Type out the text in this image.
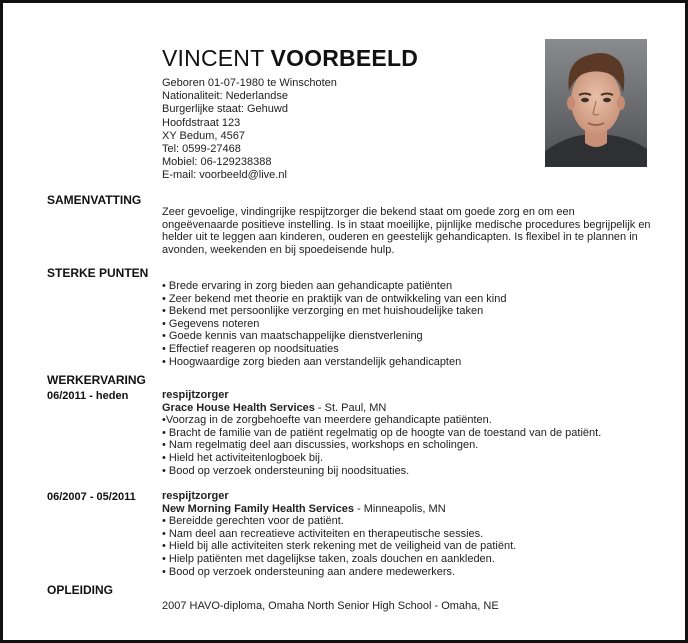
VINCENT VOORBEELD
Geboren 01-07-1980 te Winschoten
Nationaliteit: Nederlandse
Burgerlijke staat: Gehuwd
Hoofdstraat 123
XY Bedum, 4567
Tel: 0599-27468
Mobiel: 06-129238388
E-mail: voorbeeld@live.nl
SAMENVATTING
Zeer gevoelige, vindingrijke respijtzorger die bekend staat om goede zorg en om een ongeëvenaarde positieve instelling. Is in staat moeilijke, pijnlijke medische procedures begrijpelijk en helder uit te leggen aan kinderen, ouderen en geestelijk gehandicapten. Is flexibel in te plannen in avonden, weekenden en bij spoedeisende hulp.
STERKE PUNTEN
• Brede ervaring in zorg bieden aan gehandicapte patiënten
• Zeer bekend met theorie en praktijk van de ontwikkeling van een kind
• Bekend met persoonlijke verzorging en met huishoudelijke taken
• Gegevens noteren
• Goede kennis van maatschappelijke dienstverlening
• Effectief reageren op noodsituaties
• Hoogwaardige zorg bieden aan verstandelijk gehandicapten
WERKERVARING
06/2011 - heden	respijtzorger
Grace House Health Services - St. Paul, MN
•Voorzag in de zorgbehoefte van meerdere gehandicapte patiënten.
• Bracht de familie van de patiënt regelmatig op de hoogte van de toestand van de patiënt.
• Nam regelmatig deel aan discussies, workshops en scholingen.
• Hield het activiteitenlogboek bij.
• Bood op verzoek ondersteuning bij noodsituaties.
06/2007 - 05/2011 respijtzorger
New Morning Family Health Services - Minneapolis, MN
• Bereidde gerechten voor de patiënt.
• Nam deel aan recreatieve activiteiten en therapeutische sessies.
• Hield bij alle activiteiten sterk rekening met de veiligheid van de patiënt.
• Hielp patiënten met dagelijkse taken, zoals douchen en aankleden.
• Bood op verzoek ondersteuning aan andere medewerkers.
OPLEIDING
2007 HAVO-diploma, Omaha North Senior High School - Omaha, NE
